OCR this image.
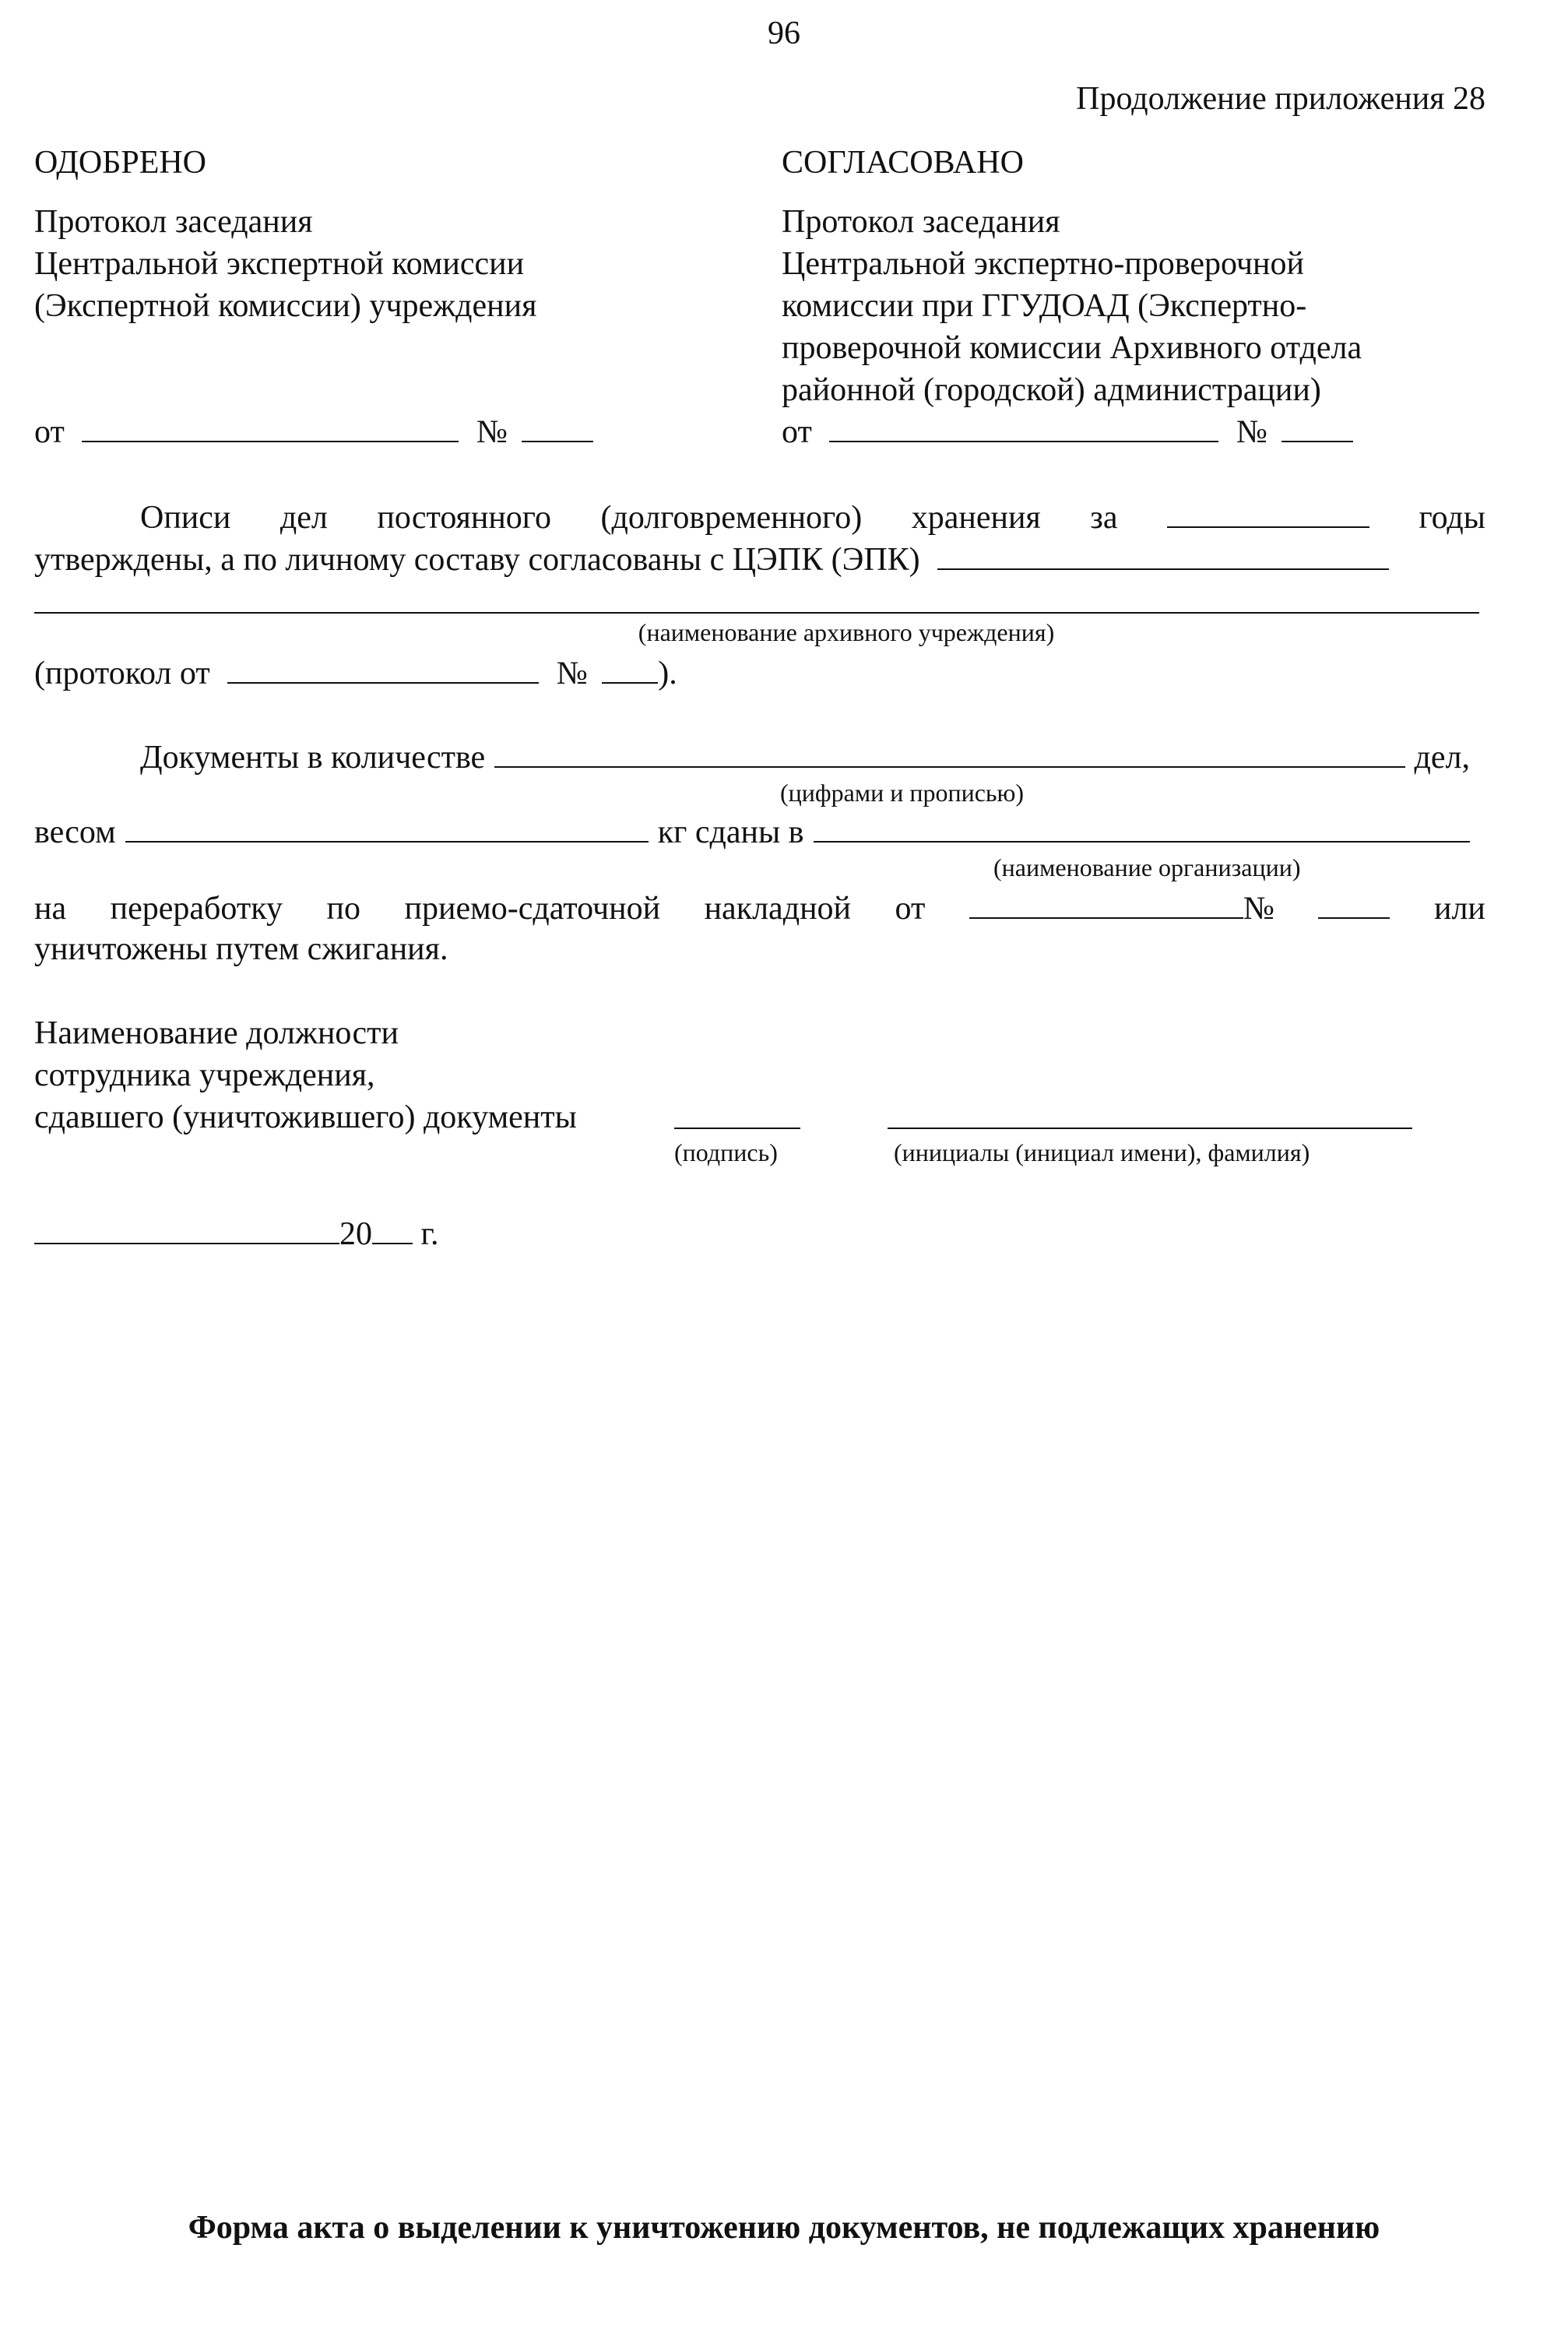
96
Продолжение приложения 28
ОДОБРЕНО
Протокол заседания
Центральной экспертной комиссии
(Экспертной комиссии) учреждения
от	№
СОГЛАСОВАНО
Протокол заседания
Центральной экспертно-проверочной
комиссии при ГГУДОАД (Экспертно-
проверочной комиссии Архивного отдела
районной (городской) администрации)
от	№
Описи	дел	постоянного	(долговременного)	хранения	за	годы
утверждены, а по личному составу согласованы с ЦЭПК (ЭПК)
(наименование архивного учреждения)
(протокол от	№	).
Документы в количестве	дел,
(цифрами и прописью)
весом	кг сданы в
(наименование организации)
на	переработку	по	приемо-сдаточной	накладной	от	№	или
уничтожены путем сжигания.
Наименование должности
сотрудника учреждения,
сдавшего (уничтожившего) документы
(подпись)	(инициалы (инициал имени), фамилия)
20	г.
Форма акта о выделении к уничтожению документов, не подлежащих хранению
